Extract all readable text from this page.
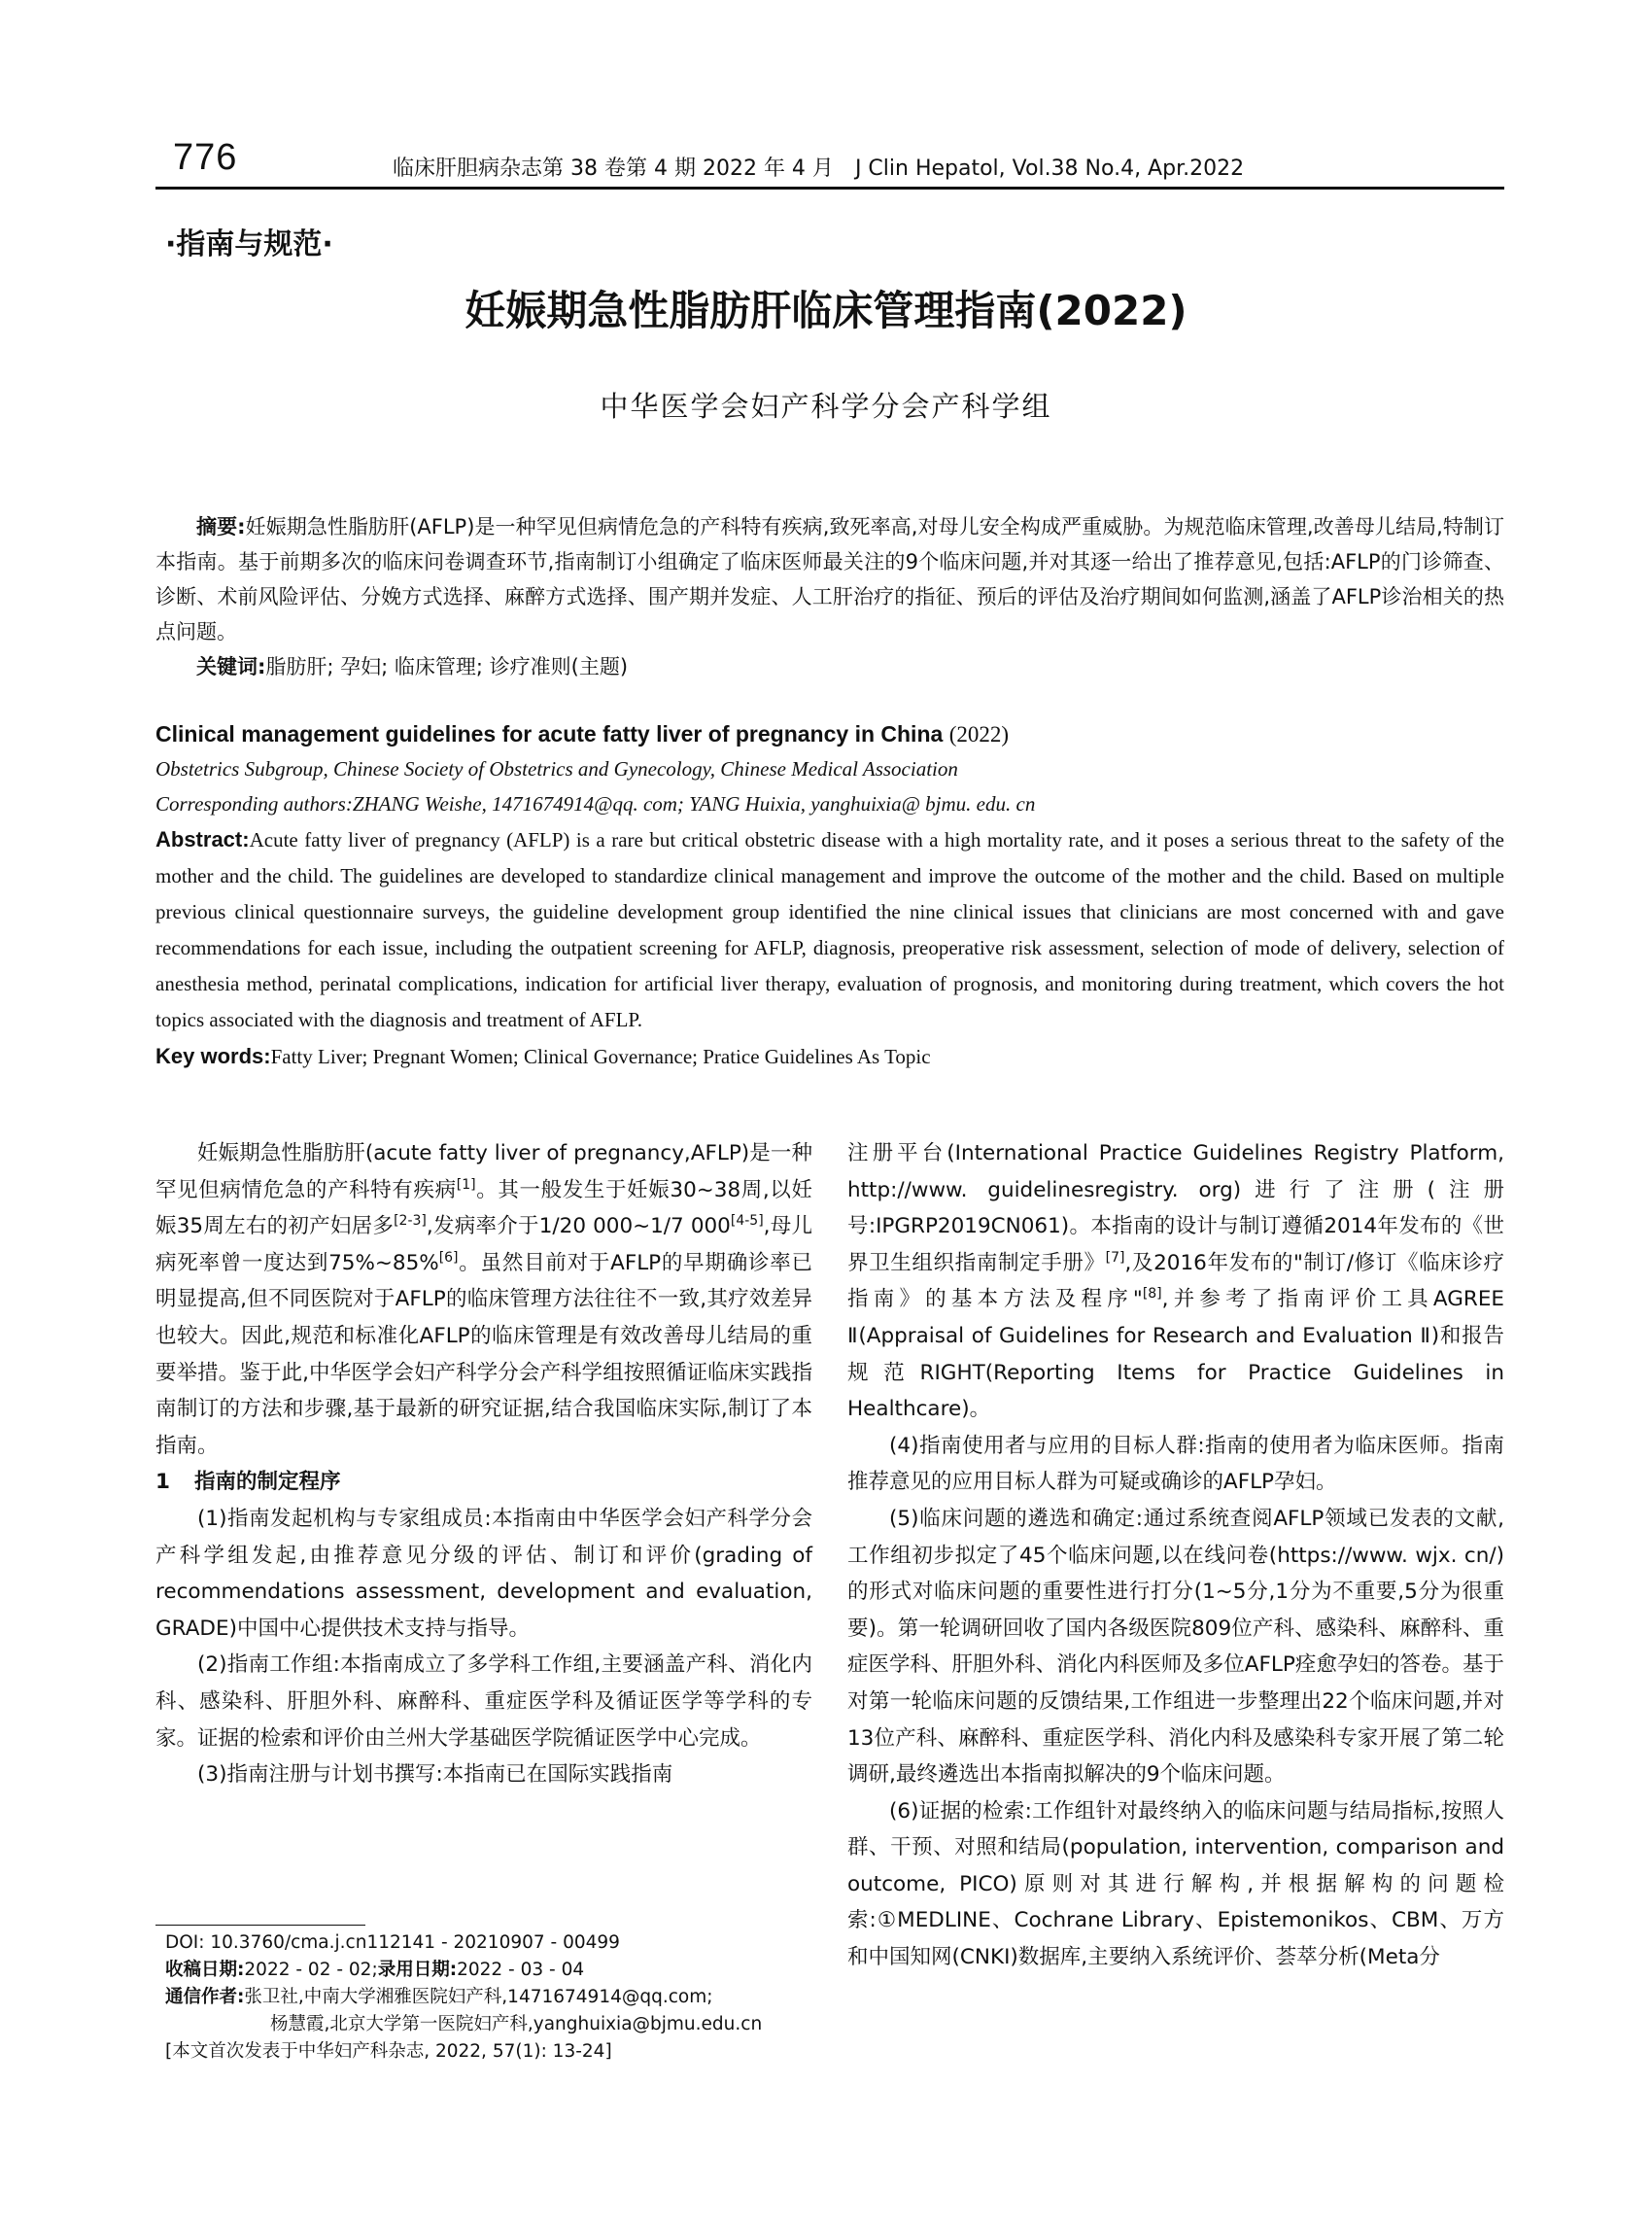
776	临床肝胆病杂志第 38 卷第 4 期 2022 年 4 月 J Clin Hepatol, Vol.38 No.4, Apr.2022
·指南与规范·
妊娠期急性脂肪肝临床管理指南(2022)
中华医学会妇产科学分会产科学组

摘要:妊娠期急性脂肪肝(AFLP)是一种罕见但病情危急的产科特有疾病,致死率高,对母儿安全构成严重威胁。为规范临床管理,改善母儿结局,特制订本指南。基于前期多次的临床问卷调查环节,指南制订小组确定了临床医师最关注的9个临床问题,并对其逐一给出了推荐意见,包括:AFLP的门诊筛查、诊断、术前风险评估、分娩方式选择、麻醉方式选择、围产期并发症、人工肝治疗的指征、预后的评估及治疗期间如何监测,涵盖了AFLP诊治相关的热点问题。

关键词:脂肪肝; 孕妇; 临床管理; 诊疗准则(主题)

Clinical management guidelines for acute fatty liver of pregnancy in China (2022)
Obstetrics Subgroup, Chinese Society of Obstetrics and Gynecology, Chinese Medical Association
Corresponding authors:ZHANG Weishe, 1471674914@qq. com; YANG Huixia, yanghuixia@ bjmu. edu. cn

Abstract:Acute fatty liver of pregnancy (AFLP) is a rare but critical obstetric disease with a high mortality rate, and it poses a serious threat to the safety of the mother and the child. The guidelines are developed to standardize clinical management and improve the outcome of the mother and the child. Based on multiple previous clinical questionnaire surveys, the guideline development group identified the nine clinical issues that clinicians are most concerned with and gave recommendations for each issue, including the outpatient screening for AFLP, diagnosis, preoperative risk assessment, selection of mode of delivery, selection of anesthesia method, perinatal complications, indication for artificial liver therapy, evaluation of prognosis, and monitoring during treatment, which covers the hot topics associated with the diagnosis and treatment of AFLP.

Key words:Fatty Liver; Pregnant Women; Clinical Governance; Pratice Guidelines As Topic

妊娠期急性脂肪肝(acute fatty liver of pregnancy,AFLP)是一种罕见但病情危急的产科特有疾病[1]。其一般发生于妊娠30~38周,以妊娠35周左右的初产妇居多[2-3],发病率介于1/20 000~1/7 000[4-5],母儿病死率曾一度达到75%~85%[6]。虽然目前对于AFLP的早期确诊率已明显提高,但不同医院对于AFLP的临床管理方法往往不一致,其疗效差异也较大。因此,规范和标准化AFLP的临床管理是有效改善母儿结局的重要举措。鉴于此,中华医学会妇产科学分会产科学组按照循证临床实践指南制订的方法和步骤,基于最新的研究证据,结合我国临床实际,制订了本指南。

1 指南的制定程序

(1)指南发起机构与专家组成员:本指南由中华医学会妇产科学分会产科学组发起,由推荐意见分级的评估、制订和评价(grading of recommendations assessment, development and evaluation, GRADE)中国中心提供技术支持与指导。

(2)指南工作组:本指南成立了多学科工作组,主要涵盖产科、消化内科、感染科、肝胆外科、麻醉科、重症医学科及循证医学等学科的专家。证据的检索和评价由兰州大学基础医学院循证医学中心完成。

(3)指南注册与计划书撰写:本指南已在国际实践指南

注册平台(International Practice Guidelines Registry Platform, http://www. guidelinesregistry. org)进行了注册(注册号:IPGRP2019CN061)。本指南的设计与制订遵循2014年发布的《世界卫生组织指南制定手册》[7],及2016年发布的"制订/修订《临床诊疗指南》的基本方法及程序"[8],并参考了指南评价工具AGREE Ⅱ(Appraisal of Guidelines for Research and Evaluation Ⅱ)和报告规范RIGHT(Reporting Items for Practice Guidelines in Healthcare)。

(4)指南使用者与应用的目标人群:指南的使用者为临床医师。指南推荐意见的应用目标人群为可疑或确诊的AFLP孕妇。

(5)临床问题的遴选和确定:通过系统查阅AFLP领域已发表的文献,工作组初步拟定了45个临床问题,以在线问卷(https://www. wjx. cn/)的形式对临床问题的重要性进行打分(1~5分,1分为不重要,5分为很重要)。第一轮调研回收了国内各级医院809位产科、感染科、麻醉科、重症医学科、肝胆外科、消化内科医师及多位AFLP痊愈孕妇的答卷。基于对第一轮临床问题的反馈结果,工作组进一步整理出22个临床问题,并对13位产科、麻醉科、重症医学科、消化内科及感染科专家开展了第二轮调研,最终遴选出本指南拟解决的9个临床问题。

(6)证据的检索:工作组针对最终纳入的临床问题与结局指标,按照人群、干预、对照和结局(population, intervention, comparison and outcome, PICO)原则对其进行解构,并根据解构的问题检索:①MEDLINE、Cochrane Library、Epistemonikos、CBM、万方和中国知网(CNKI)数据库,主要纳入系统评价、荟萃分析(Meta分

DOI: 10.3760/cma.j.cn112141 - 20210907 - 00499
收稿日期:2022 - 02 - 02;录用日期:2022 - 03 - 04
通信作者:张卫社,中南大学湘雅医院妇产科,1471674914@qq.com;
杨慧霞,北京大学第一医院妇产科,yanghuixia@bjmu.edu.cn
[本文首次发表于中华妇产科杂志, 2022, 57(1): 13-24]
